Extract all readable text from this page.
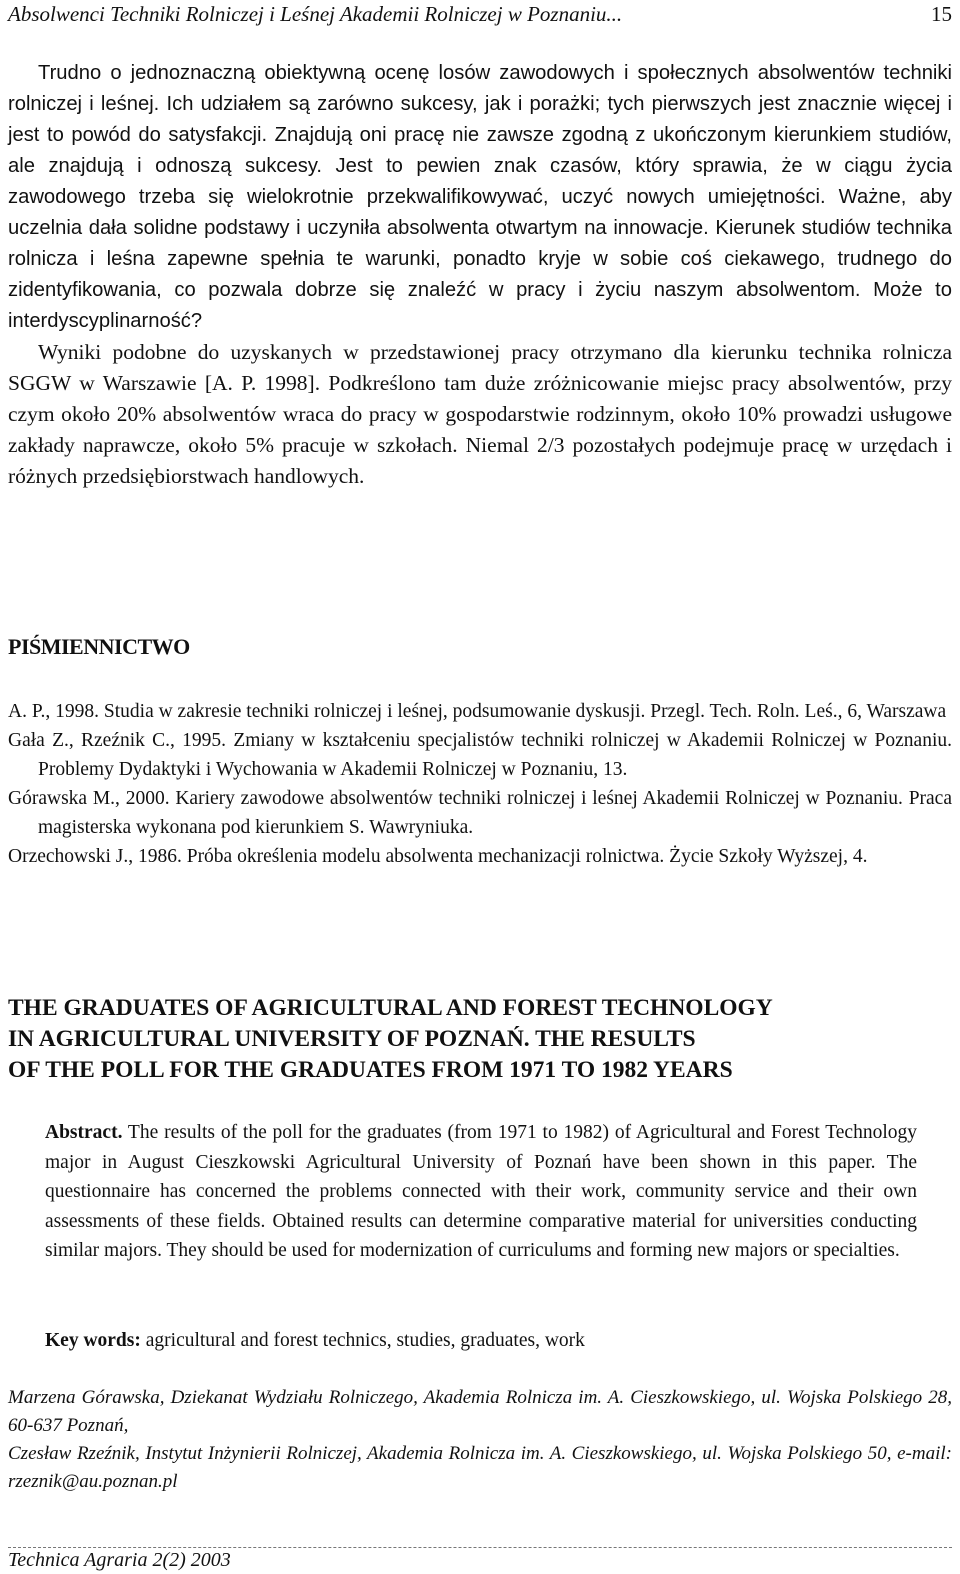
Absolwenci Techniki Rolniczej i Leśnej Akademii Rolniczej w Poznaniu...	15

Trudno o jednoznaczną obiektywną ocenę losów zawodowych i społecznych absolwentów techniki rolniczej i leśnej. Ich udziałem są zarówno sukcesy, jak i porażki; tych pierwszych jest znacznie więcej i jest to powód do satysfakcji. Znajdują oni pracę nie zawsze zgodną z ukończonym kierunkiem studiów, ale znajdują i odnoszą sukcesy. Jest to pewien znak czasów, który sprawia, że w ciągu życia zawodowego trzeba się wielokrotnie przekwalifikowywać, uczyć nowych umiejętności. Ważne, aby uczelnia dała solidne podstawy i uczyniła absolwenta otwartym na innowacje. Kierunek studiów technika rolnicza i leśna zapewne spełnia te warunki, ponadto kryje w sobie coś ciekawego, trudnego do zidentyfikowania, co pozwala dobrze się znaleźć w pracy i życiu naszym absolwentom. Może to interdyscyplinarność?

Wyniki podobne do uzyskanych w przedstawionej pracy otrzymano dla kierunku technika rolnicza SGGW w Warszawie [A. P. 1998]. Podkreślono tam duże zróżnicowanie miejsc pracy absolwentów, przy czym około 20% absolwentów wraca do pracy w gospodarstwie rodzinnym, około 10% prowadzi usługowe zakłady naprawcze, około 5% pracuje w szkołach. Niemal 2/3 pozostałych podejmuje pracę w urzędach i różnych przedsiębiorstwach handlowych.

PIŚMIENNICTWO

A. P., 1998. Studia w zakresie techniki rolniczej i leśnej, podsumowanie dyskusji. Przegl. Tech. Roln. Leś., 6, Warszawa

Gała Z., Rzeźnik C., 1995. Zmiany w kształceniu specjalistów techniki rolniczej w Akademii Rolniczej w Poznaniu. Problemy Dydaktyki i Wychowania w Akademii Rolniczej w Poznaniu, 13.

Górawska M., 2000. Kariery zawodowe absolwentów techniki rolniczej i leśnej Akademii Rolniczej w Poznaniu. Praca magisterska wykonana pod kierunkiem S. Wawryniuka.

Orzechowski J., 1986. Próba określenia modelu absolwenta mechanizacji rolnictwa. Życie Szkoły Wyższej, 4.

THE GRADUATES OF AGRICULTURAL AND FOREST TECHNOLOGY
IN AGRICULTURAL UNIVERSITY OF POZNAŃ. THE RESULTS
OF THE POLL FOR THE GRADUATES FROM 1971 TO 1982 YEARS
Abstract. The results of the poll for the graduates (from 1971 to 1982) of Agricultural and Forest Technology major in August Cieszkowski Agricultural University of Poznań have been shown in this paper. The questionnaire has concerned the problems connected with their work, community service and their own assessments of these fields. Obtained results can determine comparative material for universities conducting similar majors. They should be used for modernization of curriculums and forming new majors or specialties.
Key words: agricultural and forest technics, studies, graduates, work

Marzena Górawska, Dziekanat Wydziału Rolniczego, Akademia Rolnicza im. A. Cieszkowskiego, ul. Wojska Polskiego 28, 60-637 Poznań,

Czesław Rzeźnik, Instytut Inżynierii Rolniczej, Akademia Rolnicza im. A. Cieszkowskiego, ul. Wojska Polskiego 50, e-mail: rzeznik@au.poznan.pl

Technica Agraria 2(2) 2003
